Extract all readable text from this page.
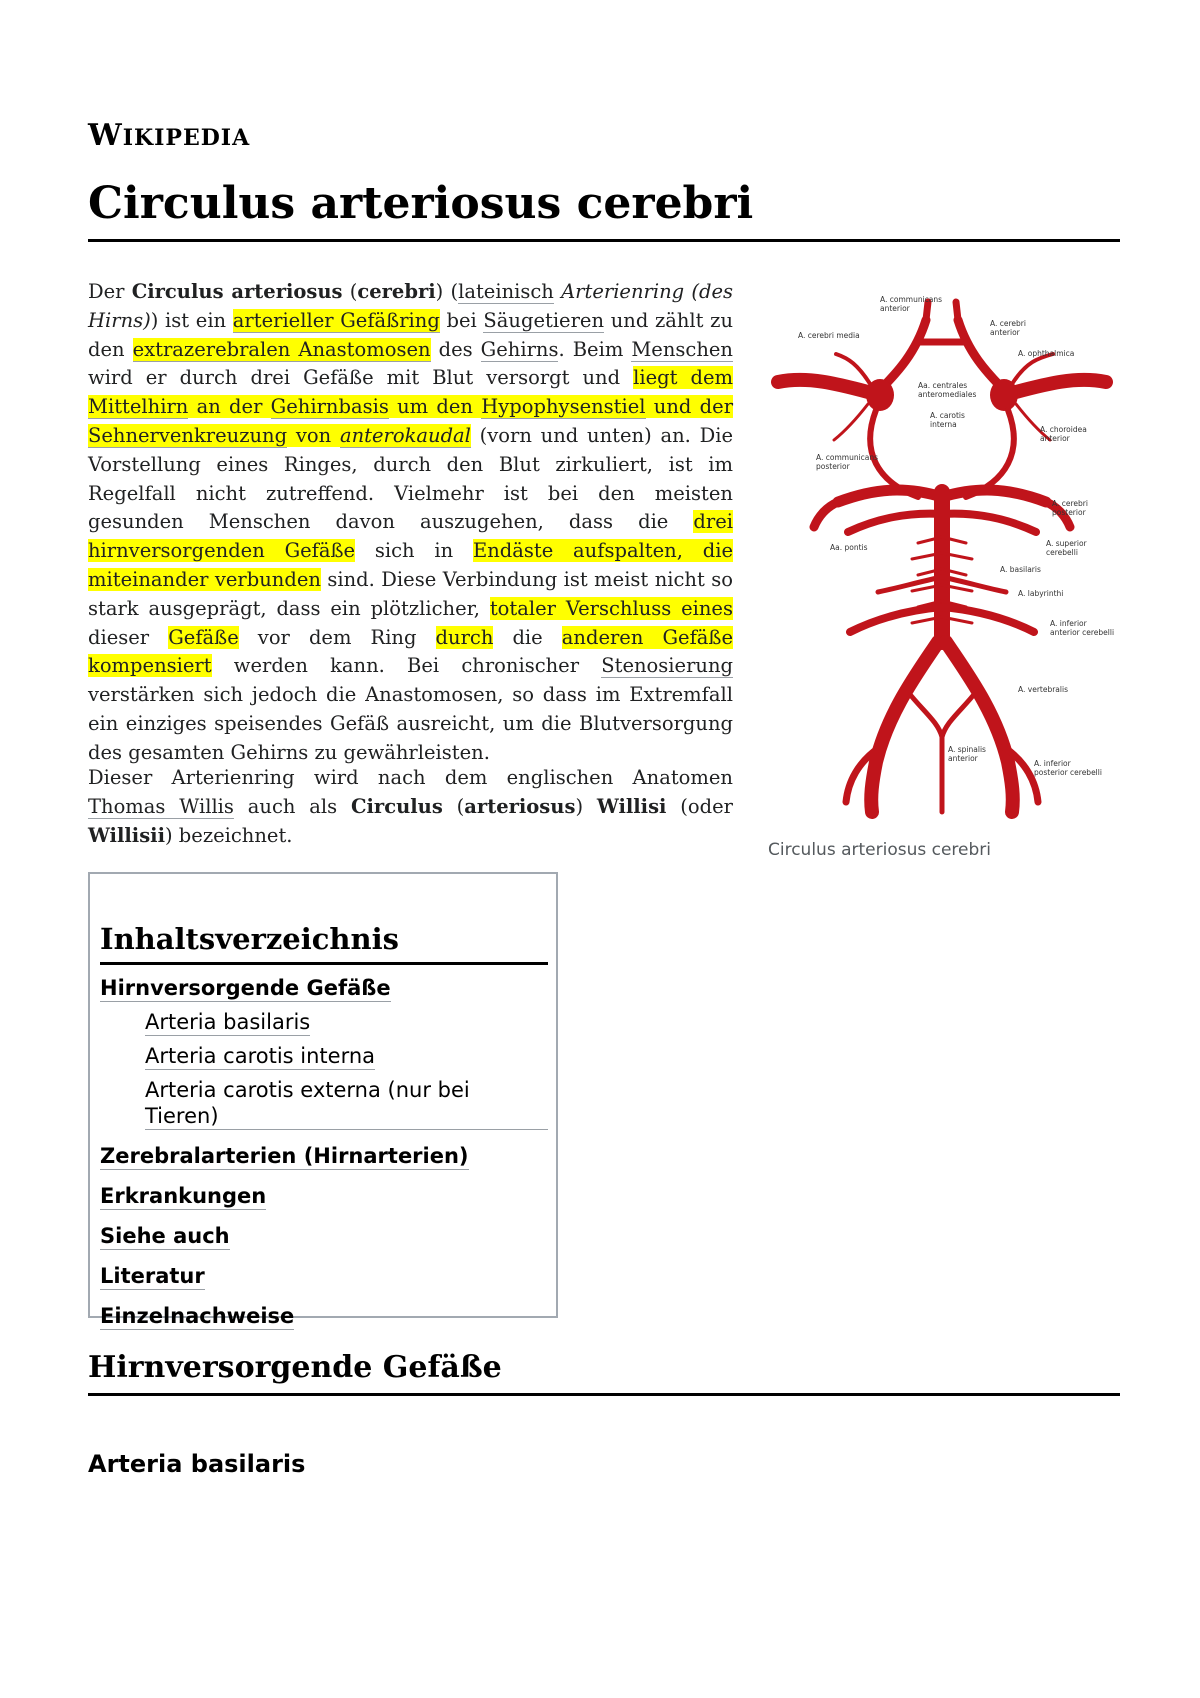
WIKIPEDIA
Circulus arteriosus cerebri

Der Circulus arteriosus (cerebri) (lateinisch Arterienring (des Hirns)) ist ein arterieller Gefäßring bei Säugetieren und zählt zu den extrazerebralen Anastomosen des Gehirns. Beim Menschen wird er durch drei Gefäße mit Blut versorgt und liegt dem Mittelhirn an der Gehirnbasis um den Hypophysenstiel und der Sehnervenkreuzung von anterokaudal (vorn und unten) an. Die Vorstellung eines Ringes, durch den Blut zirkuliert, ist im Regelfall nicht zutreffend. Vielmehr ist bei den meisten gesunden Menschen davon auszugehen, dass die drei hirnversorgenden Gefäße sich in Endäste aufspalten, die miteinander verbunden sind. Diese Verbindung ist meist nicht so stark ausgeprägt, dass ein plötzlicher, totaler Verschluss eines dieser Gefäße vor dem Ring durch die anderen Gefäße kompensiert werden kann. Bei chronischer Stenosierung verstärken sich jedoch die Anastomosen, so dass im Extremfall ein einziges speisendes Gefäß ausreicht, um die Blutversorgung des gesamten Gehirns zu gewährleisten.

Dieser Arterienring wird nach dem englischen Anatomen Thomas Willis auch als Circulus (arteriosus) Willisi (oder Willisii) bezeichnet.

A. communicans anterior
A. cerebri anterior
A. cerebri media
A. ophthalmica
Aa. centrales anteromediales
A. carotis interna
A. choroidea anterior
A. communicans posterior
A. cerebri posterior
A. superior cerebelli
Aa. pontis
A. basilaris
A. labyrinthi
A. inferior anterior cerebelli
A. vertebralis
A. spinalis anterior
A. inferior posterior cerebelli
Circulus arteriosus cerebri
Inhaltsverzeichnis
Hirnversorgende Gefäße
Arteria basilaris
Arteria carotis interna
Arteria carotis externa (nur bei Tieren)
Zerebralarterien (Hirnarterien)
Erkrankungen
Siehe auch
Literatur
Einzelnachweise
Hirnversorgende Gefäße
Arteria basilaris
